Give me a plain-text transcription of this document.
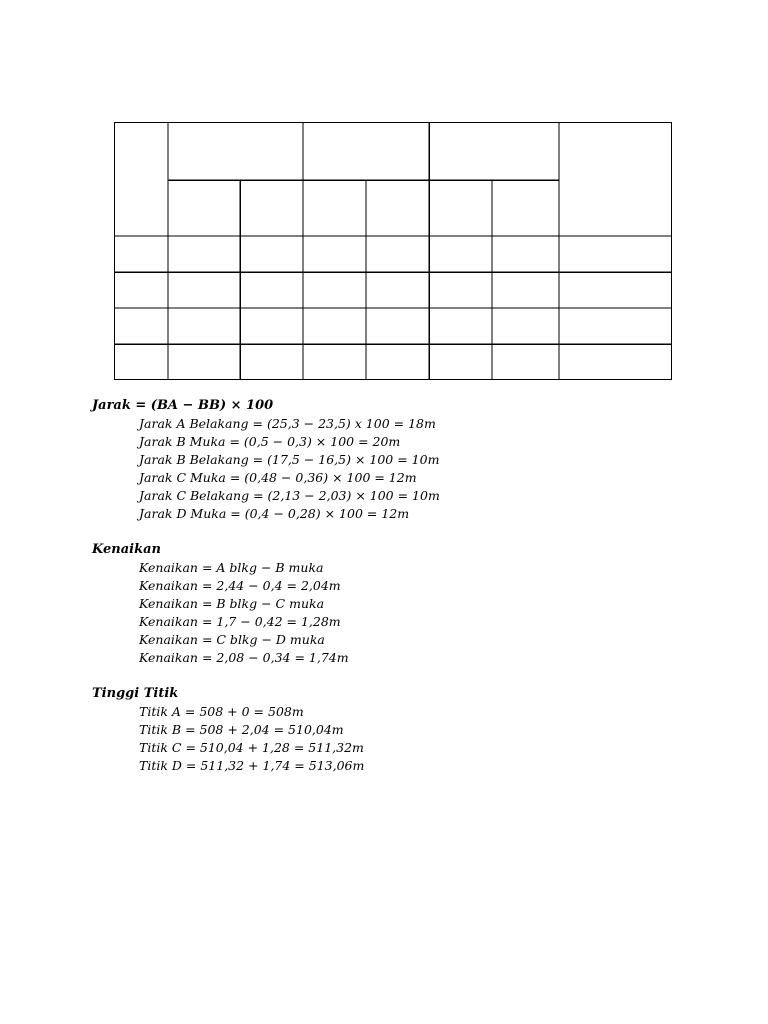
Jarak = (BA − BB) × 100
Jarak A Belakang = (25,3 − 23,5) x 100 = 18m
Jarak B Muka = (0,5 − 0,3) × 100 = 20m
Jarak B Belakang = (17,5 − 16,5) × 100 = 10m
Jarak C Muka = (0,48 − 0,36) × 100 = 12m
Jarak C Belakang = (2,13 − 2,03) × 100 = 10m
Jarak D Muka = (0,4 − 0,28) × 100 = 12m
Kenaikan
Kenaikan = A blkg − B muka
Kenaikan = 2,44 − 0,4 = 2,04m
Kenaikan = B blkg − C muka
Kenaikan = 1,7 − 0,42 = 1,28m
Kenaikan = C blkg − D muka
Kenaikan = 2,08 − 0,34 = 1,74m
Tinggi Titik
Titik A = 508 + 0 = 508m
Titik B = 508 + 2,04 = 510,04m
Titik C = 510,04 + 1,28 = 511,32m
Titik D = 511,32 + 1,74 = 513,06m
